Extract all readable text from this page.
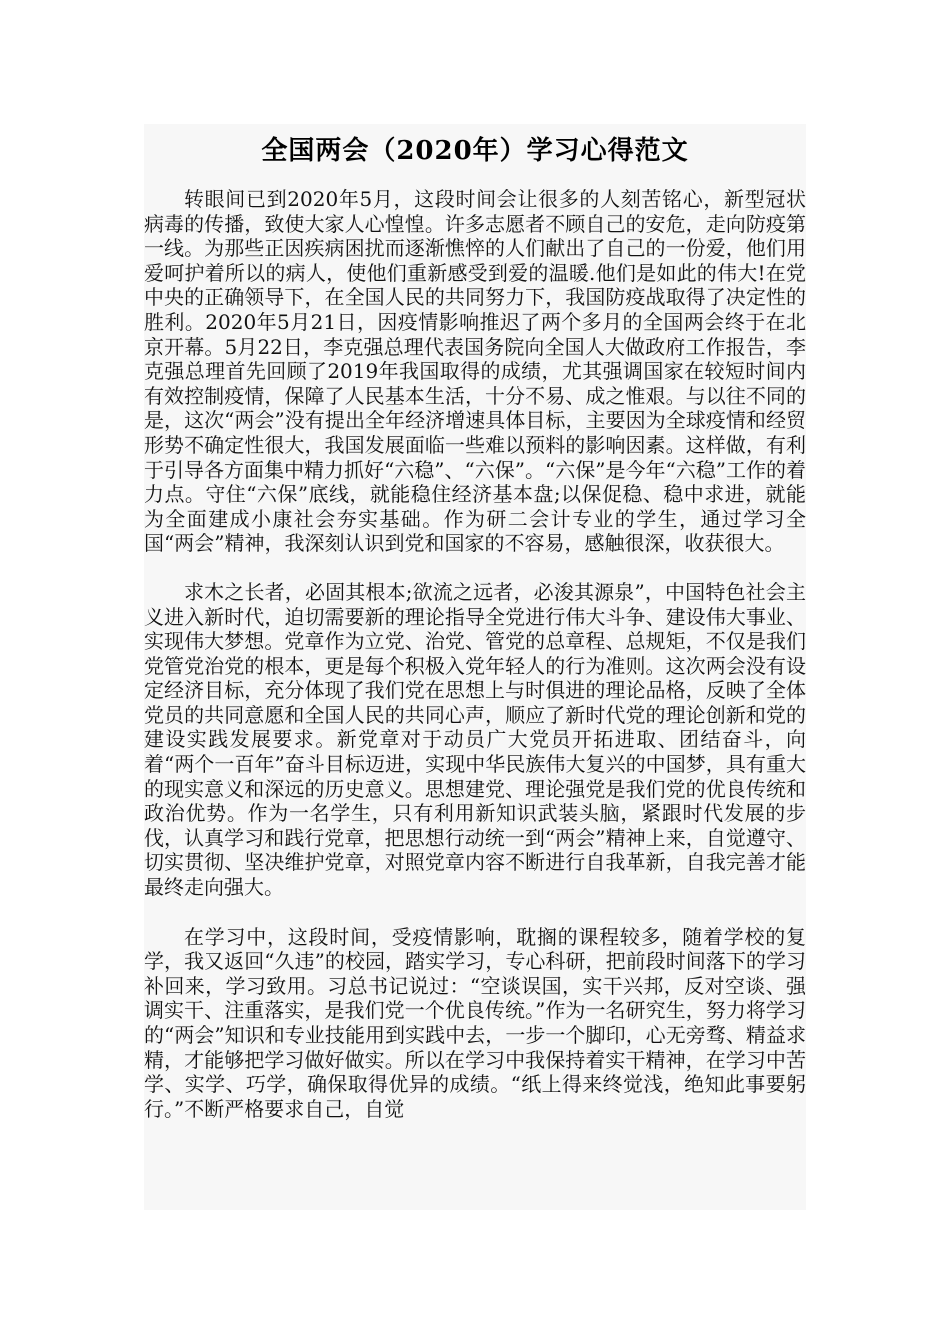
全国两会（2020年）学习心得范文

转眼间已到2020年5月，这段时间会让很多的人刻苦铭心，新型冠状病毒的传播，致使大家人心惶惶。许多志愿者不顾自己的安危，走向防疫第一线。为那些正因疾病困扰而逐渐憔悴的人们献出了自己的一份爱，他们用爱呵护着所以的病人，使他们重新感受到爱的温暖.他们是如此的伟大!在党中央的正确领导下，在全国人民的共同努力下，我国防疫战取得了决定性的胜利。2020年5月21日，因疫情影响推迟了两个多月的全国两会终于在北京开幕。5月22日，李克强总理代表国务院向全国人大做政府工作报告，李克强总理首先回顾了2019年我国取得的成绩，尤其强调国家在较短时间内有效控制疫情，保障了人民基本生活，十分不易、成之惟艰。与以往不同的是，这次“两会”没有提出全年经济增速具体目标，主要因为全球疫情和经贸形势不确定性很大，我国发展面临一些难以预料的影响因素。这样做，有利于引导各方面集中精力抓好“六稳”、“六保”。“六保”是今年“六稳”工作的着力点。守住“六保”底线，就能稳住经济基本盘;以保促稳、稳中求进，就能为全面建成小康社会夯实基础。作为研二会计专业的学生，通过学习全国“两会”精神，我深刻认识到党和国家的不容易，感触很深，收获很大。

求木之长者，必固其根本;欲流之远者，必浚其源泉”，中国特色社会主义进入新时代，迫切需要新的理论指导全党进行伟大斗争、建设伟大事业、实现伟大梦想。党章作为立党、治党、管党的总章程、总规矩，不仅是我们党管党治党的根本，更是每个积极入党年轻人的行为准则。这次两会没有设定经济目标，充分体现了我们党在思想上与时俱进的理论品格，反映了全体党员的共同意愿和全国人民的共同心声，顺应了新时代党的理论创新和党的建设实践发展要求。新党章对于动员广大党员开拓进取、团结奋斗，向着“两个一百年”奋斗目标迈进，实现中华民族伟大复兴的中国梦，具有重大的现实意义和深远的历史意义。思想建党、理论强党是我们党的优良传统和政治优势。作为一名学生，只有利用新知识武装头脑，紧跟时代发展的步伐，认真学习和践行党章，把思想行动统一到“两会”精神上来，自觉遵守、切实贯彻、坚决维护党章，对照党章内容不断进行自我革新，自我完善才能最终走向强大。

在学习中，这段时间，受疫情影响，耽搁的课程较多，随着学校的复学，我又返回“久违”的校园，踏实学习，专心科研，把前段时间落下的学习补回来，学习致用。习总书记说过：“空谈误国，实干兴邦，反对空谈、强调实干、注重落实，是我们党一个优良传统。”作为一名研究生，努力将学习的“两会”知识和专业技能用到实践中去，一步一个脚印，心无旁骛、精益求精，才能够把学习做好做实。所以在学习中我保持着实干精神，在学习中苦学、实学、巧学，确保取得优异的成绩。“纸上得来终觉浅，绝知此事要躬行。”不断严格要求自己，自觉
